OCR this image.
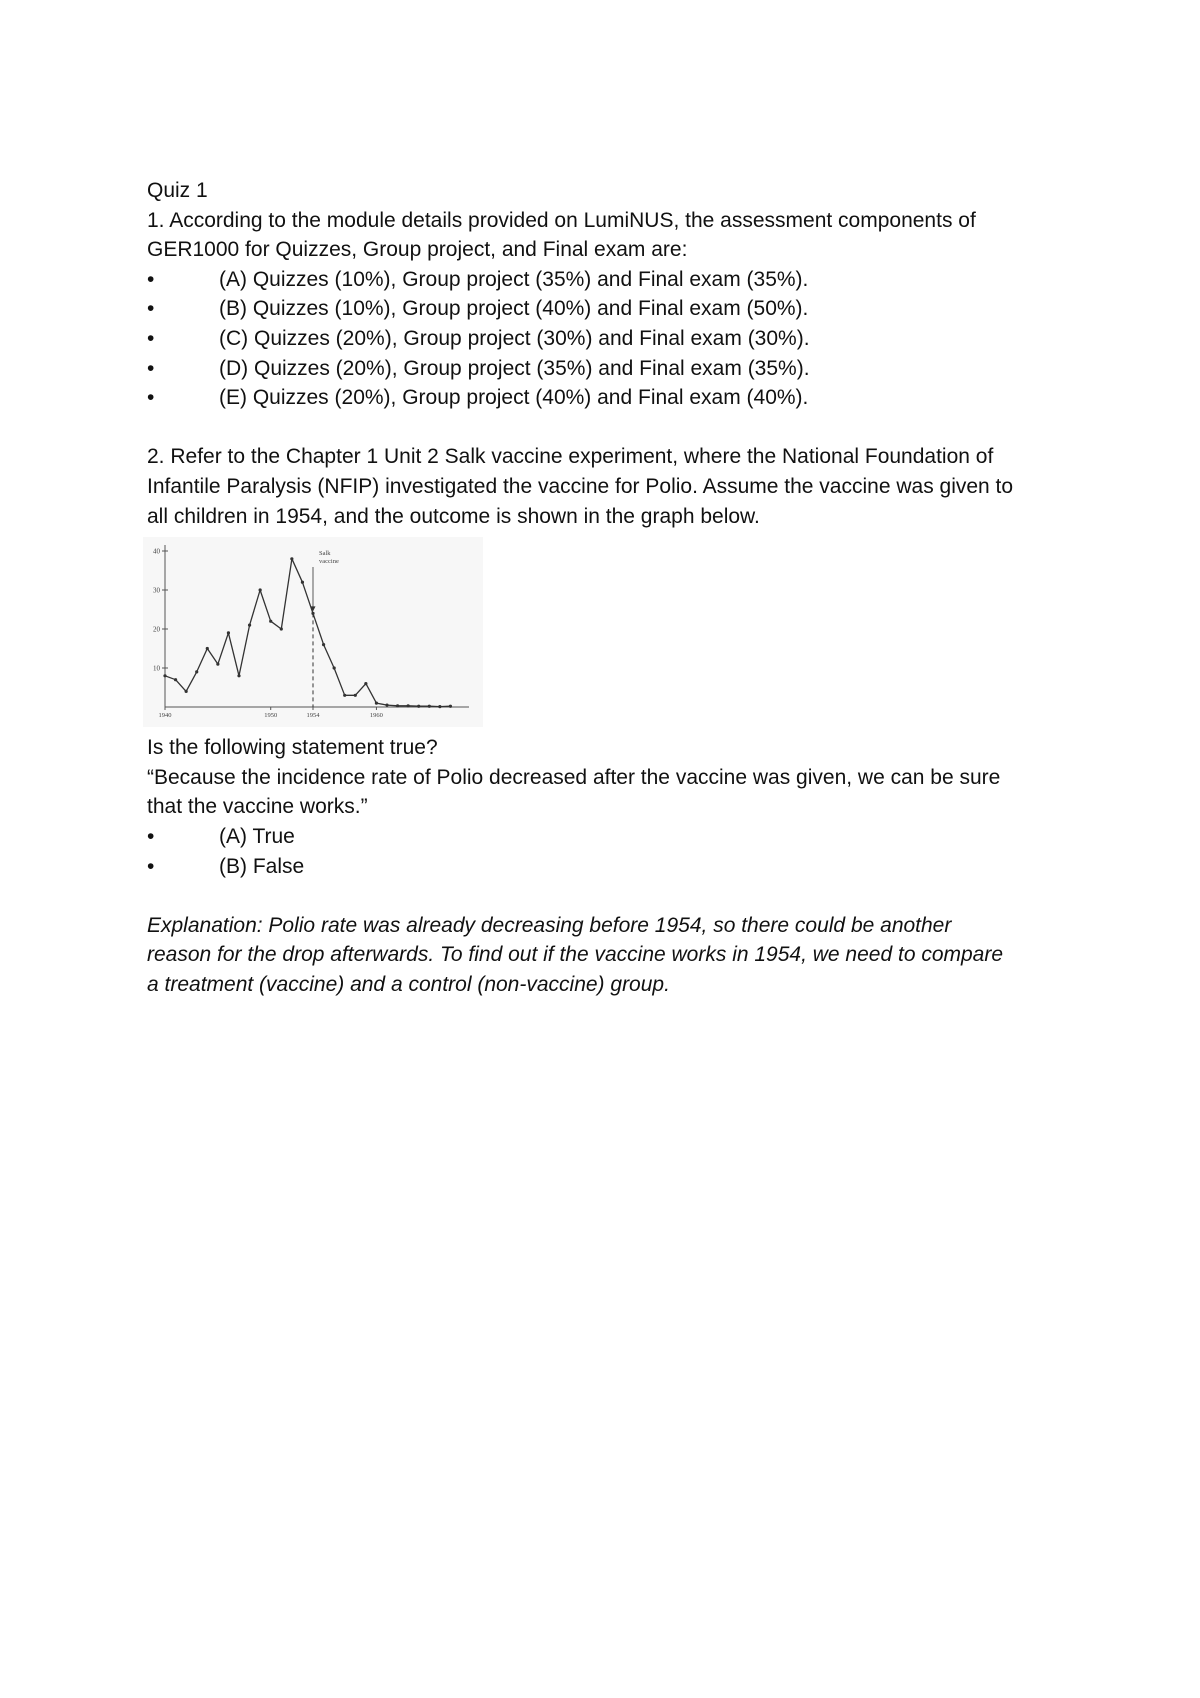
Quiz 1
1. According to the module details provided on LumiNUS, the assessment components of
GER1000 for Quizzes, Group project, and Final exam are:
•	(A) Quizzes (10%), Group project (35%) and Final exam (35%).
•	(B) Quizzes (10%), Group project (40%) and Final exam (50%).
•	(C) Quizzes (20%), Group project (30%) and Final exam (30%).
•	(D) Quizzes (20%), Group project (35%) and Final exam (35%).
•	(E) Quizzes (20%), Group project (40%) and Final exam (40%).
2. Refer to the Chapter 1 Unit 2 Salk vaccine experiment, where the National Foundation of
Infantile Paralysis (NFIP) investigated the vaccine for Polio. Assume the vaccine was given to
all children in 1954, and the outcome is shown in the graph below.
10
20
30
40
1940	1950	1954	1960
Salk
vaccine
Is the following statement true?
“Because the incidence rate of Polio decreased after the vaccine was given, we can be sure
that the vaccine works.”
•	(A) True
•	(B) False
Explanation: Polio rate was already decreasing before 1954, so there could be another
reason for the drop afterwards. To find out if the vaccine works in 1954, we need to compare
a treatment (vaccine) and a control (non-vaccine) group.
